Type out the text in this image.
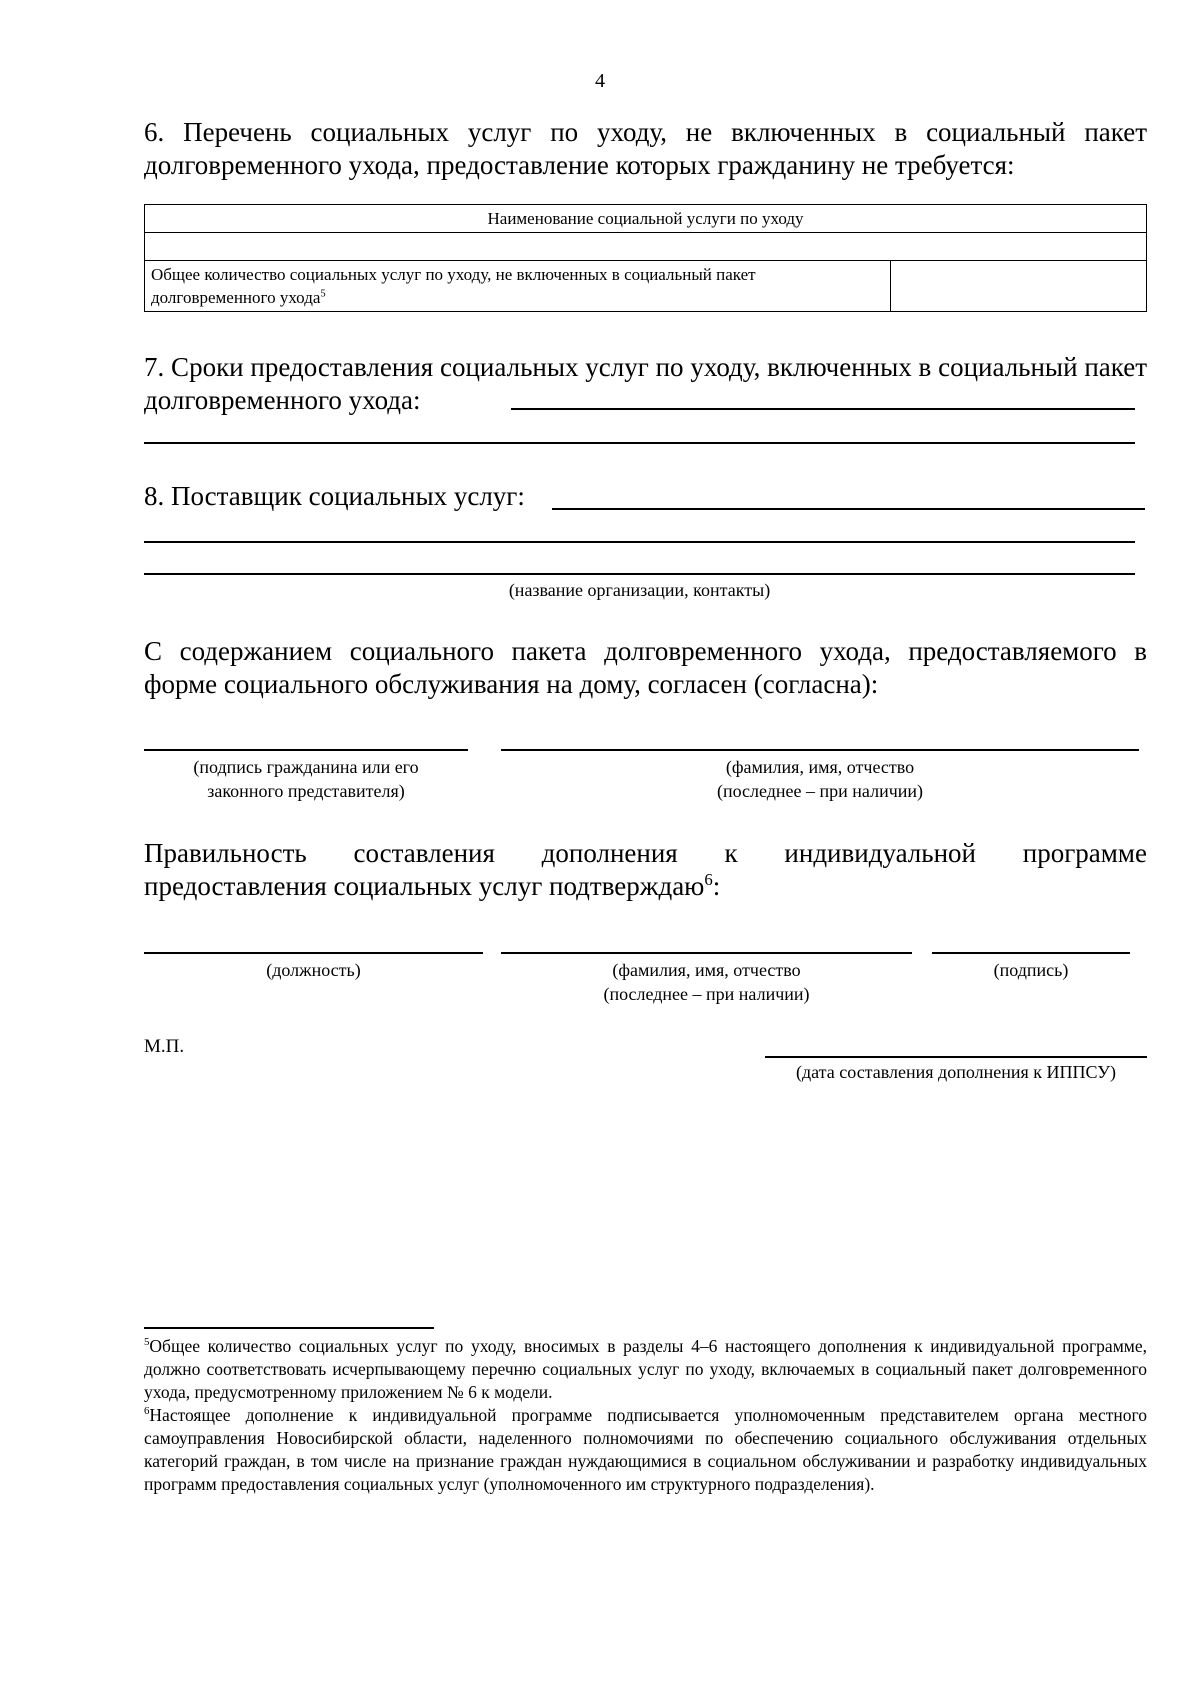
4
6. Перечень социальных услуг по уходу, не включенных в социальный пакет долговременного ухода, предоставление которых гражданину не требуется:
Наименование социальной услуги по уходу

Общее количество социальных услуг по уходу, не включенных в социальный пакет долговременного ухода$^5$	
7. Сроки предоставления социальных услуг по уходу, включенных в социальный пакет долговременного ухода:
8. Поставщик социальных услуг:
(название организации, контакты)
С содержанием социального пакета долговременного ухода, предоставляемого в форме социального обслуживания на дому, согласен (согласна):
(подпись гражданина или его
законного представителя)
(фамилия, имя, отчество
(последнее – при наличии)
Правильность составления дополнения к индивидуальной программе
предоставления социальных услуг подтверждаю$^6$:
(должность)	(фамилия, имя, отчество
(последнее – при наличии)
(подпись)
М.П.
(дата составления дополнения к ИППСУ)

$^5$Общее количество социальных услуг по уходу, вносимых в разделы 4–6 настоящего дополнения к индивидуальной программе, должно соответствовать исчерпывающему перечню социальных услуг по уходу, включаемых в социальный пакет долговременного ухода, предусмотренному приложением № 6 к модели.

$^6$Настоящее дополнение к индивидуальной программе подписывается уполномоченным представителем органа местного самоуправления Новосибирской области, наделенного полномочиями по обеспечению социального обслуживания отдельных категорий граждан, в том числе на признание граждан нуждающимися в социальном обслуживании и разработку индивидуальных программ предоставления социальных услуг (уполномоченного им структурного подразделения).
